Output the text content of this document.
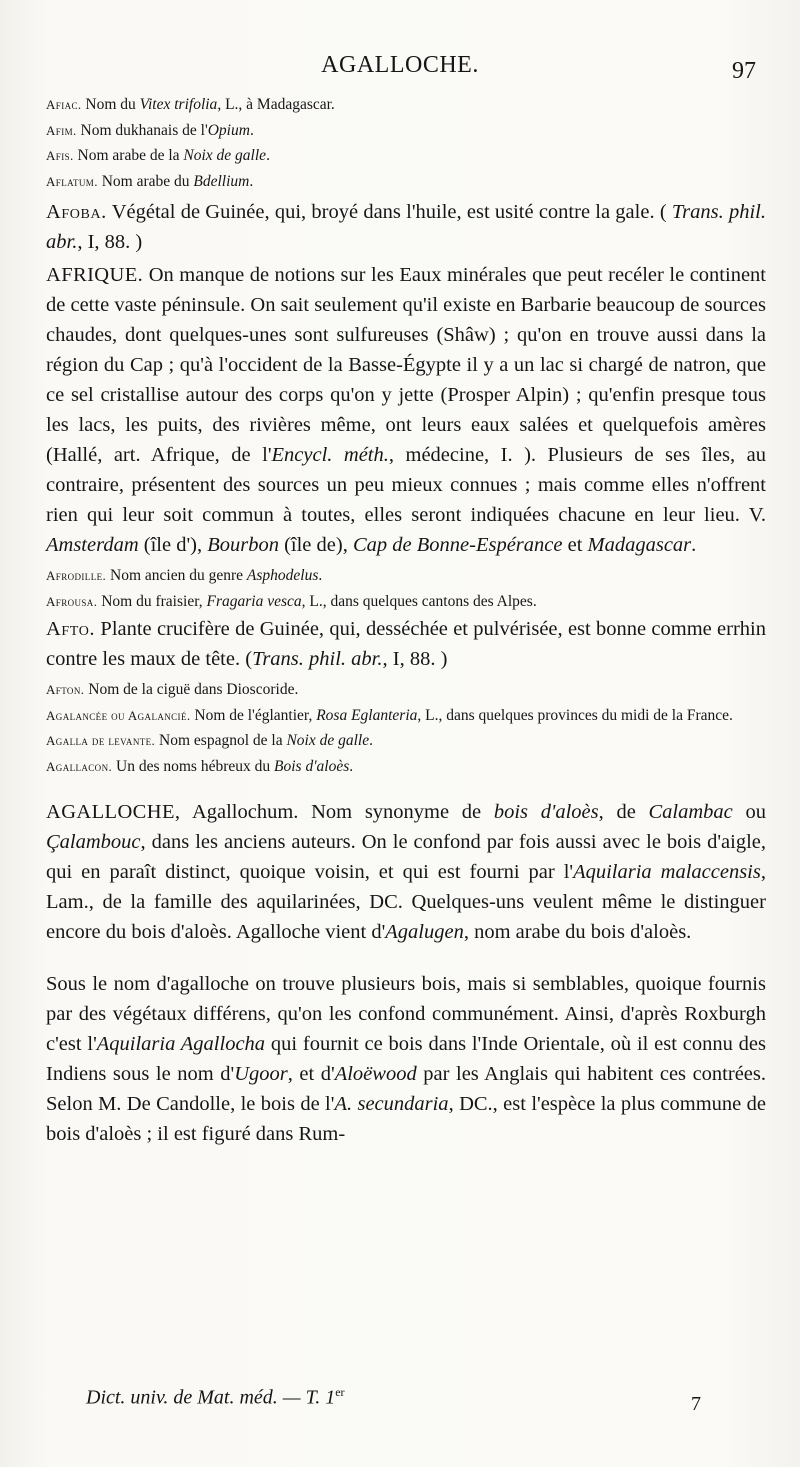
AGALLOCHE.	97

Afiac. Nom du Vitex trifolia, L., à Madagascar.

Afim. Nom dukhanais de l'Opium.

Afis. Nom arabe de la Noix de galle.

Aflatum. Nom arabe du Bdellium.

Afoba. Végétal de Guinée, qui, broyé dans l'huile, est usité contre la gale. ( Trans. phil. abr., I, 88. )

AFRIQUE. On manque de notions sur les Eaux minérales que peut recéler le continent de cette vaste péninsule. On sait seulement qu'il existe en Barbarie beaucoup de sources chaudes, dont quelques-unes sont sulfureuses (Shâw) ; qu'on en trouve aussi dans la région du Cap ; qu'à l'occident de la Basse-Égypte il y a un lac si chargé de natron, que ce sel cristallise autour des corps qu'on y jette (Prosper Alpin) ; qu'enfin presque tous les lacs, les puits, des rivières même, ont leurs eaux salées et quelquefois amères (Hallé, art. Afrique, de l'Encycl. méth., médecine, I. ). Plusieurs de ses îles, au contraire, présentent des sources un peu mieux connues ; mais comme elles n'offrent rien qui leur soit commun à toutes, elles seront indiquées chacune en leur lieu. V. Amsterdam (île d'), Bourbon (île de), Cap de Bonne-Espérance et Madagascar.

Afrodille. Nom ancien du genre Asphodelus.

Afrousa. Nom du fraisier, Fragaria vesca, L., dans quelques cantons des Alpes.

Afto. Plante crucifère de Guinée, qui, desséchée et pulvérisée, est bonne comme errhin contre les maux de tête. (Trans. phil. abr., I, 88. )

Afton. Nom de la ciguë dans Dioscoride.

Agalancée ou Agalancié. Nom de l'églantier, Rosa Eglanteria, L., dans quelques provinces du midi de la France.

Agalla de levante. Nom espagnol de la Noix de galle.

Agallacon. Un des noms hébreux du Bois d'aloès.

AGALLOCHE, Agallochum. Nom synonyme de bois d'aloès, de Calambac ou Çalambouc, dans les anciens auteurs. On le confond par fois aussi avec le bois d'aigle, qui en paraît distinct, quoique voisin, et qui est fourni par l'Aquilaria malaccensis, Lam., de la famille des aquilarinées, DC. Quelques-uns veulent même le distinguer encore du bois d'aloès. Agalloche vient d'Agalugen, nom arabe du bois d'aloès.

Sous le nom d'agalloche on trouve plusieurs bois, mais si semblables, quoique fournis par des végétaux différens, qu'on les confond communément. Ainsi, d'après Roxburgh c'est l'Aquilaria Agallocha qui fournit ce bois dans l'Inde Orientale, où il est connu des Indiens sous le nom d'Ugoor, et d'Aloëwood par les Anglais qui habitent ces contrées. Selon M. De Candolle, le bois de l'A. secundaria, DC., est l'espèce la plus commune de bois d'aloès ; il est figuré dans Rum-

Dict. univ. de Mat. méd. — T. 1er
7
